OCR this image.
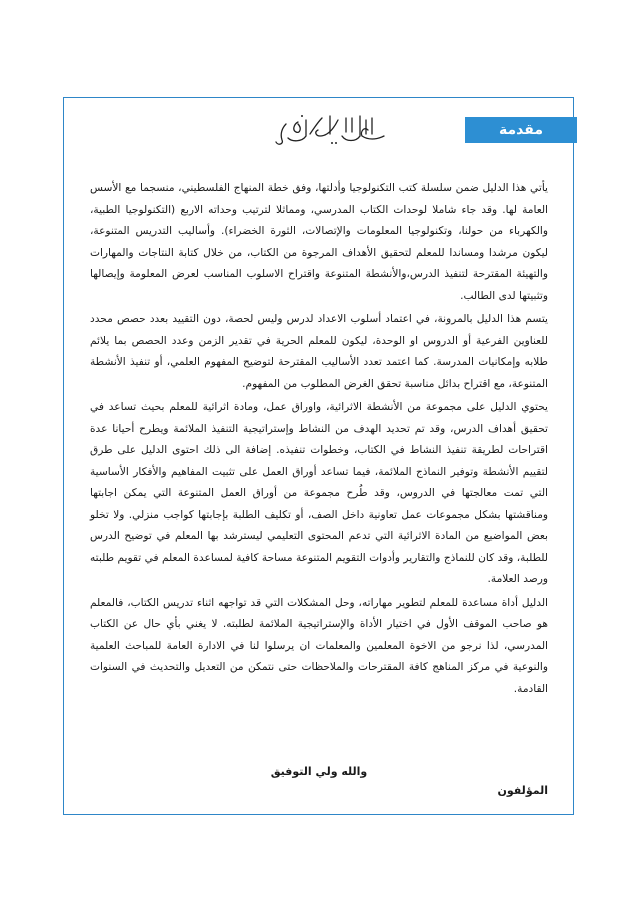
مقدمة

يأتي هذا الدليل ضمن سلسلة كتب التكنولوجيا وأدلتها، وفق خطة المنهاج الفلسطيني، منسجما مع الأسس العامة لها. وقد جاء شاملا لوحدات الكتاب المدرسي، ومماثلا لترتيب وحداته الاربع (التكنولوجيا الطبية، والكهرباء من حولنا، وتكنولوجيا المعلومات والإتصالات، الثورة الخضراء). وأساليب التدريس المتنوعة، ليكون مرشدا ومساندا للمعلم لتحقيق الأهداف المرجوة من الكتاب، من خلال كتابة النتاجات والمهارات والتهيئة المقترحة لتنفيذ الدرس،والأنشطة المتنوعة واقتراح الاسلوب المناسب لعرض المعلومة وإيصالها وتثبيتها لدى الطالب.

يتسم هذا الدليل بالمرونة، في اعتماد أسلوب الاعداد لدرس وليس لحصة، دون التقييد بعدد حصص محدد للعناوين الفرعية أو الدروس او الوحدة، ليكون للمعلم الحرية في تقدير الزمن وعدد الحصص بما يلائم طلابه وإمكانيات المدرسة. كما اعتمد تعدد الأساليب المقترحة لتوضيح المفهوم العلمي، أو تنفيذ الأنشطة المتنوعة، مع اقتراح بدائل مناسبة تحقق الغرض المطلوب من المفهوم.

يحتوي الدليل على مجموعة من الأنشطة الاثرائية، واوراق عمل، ومادة اثرائية للمعلم بحيث تساعد في تحقيق أهداف الدرس، وقد تم تحديد الهدف من النشاط وإستراتيجية التنفيذ الملائمة ويطرح أحيانا عدة اقتراحات لطريقة تنفيذ النشاط في الكتاب، وخطوات تنفيذه. إضافة الى ذلك احتوى الدليل على طرق لتقييم الأنشطة وتوفير النماذج الملائمة، فيما تساعد أوراق العمل على تثبيت المفاهيم والأفكار الأساسية التي تمت معالجتها في الدروس، وقد طُرح مجموعة من أوراق العمل المتنوعة التي يمكن اجابتها ومناقشتها بشكل مجموعات عمل تعاونية داخل الصف، أو تكليف الطلبة بإجابتها كواجب منزلي. ولا تخلو بعض المواضيع من المادة الاثرائية التي تدعم المحتوى التعليمي ليسترشد بها المعلم في توضيح الدرس للطلبة، وقد كان للنماذج والتقارير وأدوات التقويم المتنوعة مساحة كافية لمساعدة المعلم في تقويم طلبته ورصد العلامة.

الدليل أداة مساعدة للمعلم لتطوير مهاراته، وحل المشكلات التي قد تواجهه اثناء تدريس الكتاب، فالمعلم هو صاحب الموقف الأول في اختيار الأداة والإستراتيجية الملائمة لطلبته. لا يغني بأي حال عن الكتاب المدرسي، لذا نرجو من الاخوة المعلمين والمعلمات ان يرسلوا لنا في الادارة العامة للمباحث العلمية والنوعية في مركز المناهج كافة المقترحات والملاحظات حتى نتمكن من التعديل والتحديث في السنوات القادمة.

والله ولي التوفيق
المؤلفون
